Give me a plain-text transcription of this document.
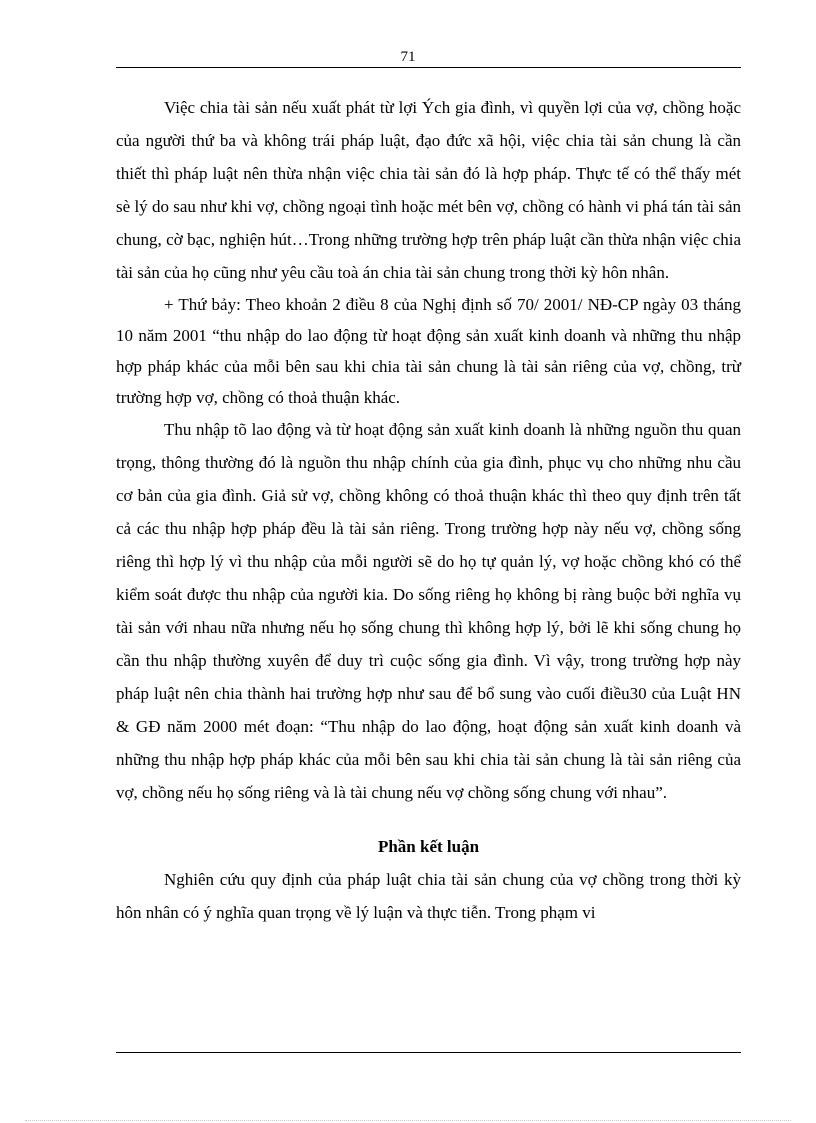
71

Việc chia tài sản nếu xuất phát từ lợi Ých gia đình, vì quyền lợi của vợ, chồng hoặc của người thứ ba và không trái pháp luật, đạo đức xã hội, việc chia tài sản chung là cần thiết thì pháp luật nên thừa nhận việc chia tài sản đó là hợp pháp. Thực tế có thể thấy mét sè lý do sau như khi vợ, chồng ngoại tình hoặc mét bên vợ, chồng có hành vi phá tán tài sản chung, cờ bạc, nghiện hút…Trong những trường hợp trên pháp luật cần thừa nhận việc chia tài sản của họ cũng như yêu cầu toà án chia tài sản chung trong thời kỳ hôn nhân.

+ Thứ bảy: Theo khoản 2 điều 8 của Nghị định số 70/ 2001/ NĐ-CP ngày 03 tháng 10 năm 2001 “thu nhập do lao động từ hoạt động sản xuất kinh doanh và những thu nhập hợp pháp khác của mỗi bên sau khi chia tài sản chung là tài sản riêng của vợ, chồng, trừ trường hợp vợ, chồng có thoả thuận khác.

Thu nhập tõ lao động và từ hoạt động sản xuất kinh doanh là những nguồn thu quan trọng, thông thường đó là nguồn thu nhập chính của gia đình, phục vụ cho những nhu cầu cơ bản của gia đình. Giả sử vợ, chồng không có thoả thuận khác thì theo quy định trên tất cả các thu nhập hợp pháp đều là tài sản riêng. Trong trường hợp này nếu vợ, chồng sống riêng thì hợp lý vì thu nhập của mỗi người sẽ do họ tự quản lý, vợ hoặc chồng khó có thể kiểm soát được thu nhập của người kia. Do sống riêng họ không bị ràng buộc bởi nghĩa vụ tài sản với nhau nữa nhưng nếu họ sống chung thì không hợp lý, bởi lẽ khi sống chung họ cần thu nhập thường xuyên để duy trì cuộc sống gia đình. Vì vậy, trong trường hợp này pháp luật nên chia thành hai trường hợp như sau để bổ sung vào cuối điều30 của Luật HN & GĐ năm 2000 mét đoạn: “Thu nhập do lao động, hoạt động sản xuất kinh doanh và những thu nhập hợp pháp khác của mỗi bên sau khi chia tài sản chung là tài sản riêng của vợ, chồng nếu họ sống riêng và là tài chung nếu vợ chồng sống chung với nhau”.

Phần kết luận

Nghiên cứu quy định của pháp luật chia tài sản chung của vợ chồng trong thời kỳ hôn nhân có ý nghĩa quan trọng về lý luận và thực tiễn. Trong phạm vi
